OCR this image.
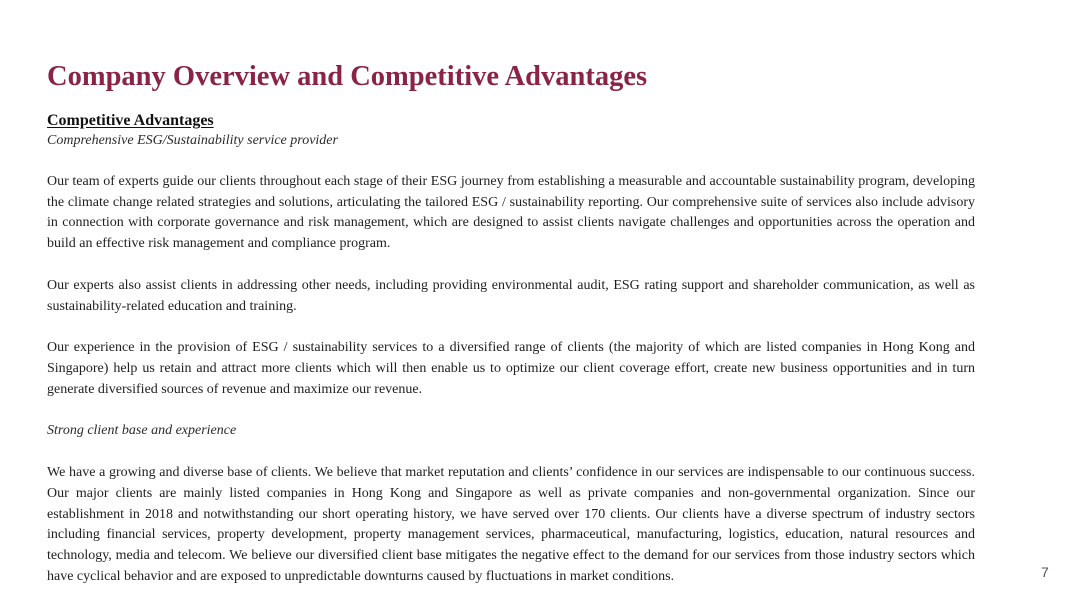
Company Overview and Competitive Advantages
Competitive Advantages

Comprehensive ESG/Sustainability service provider

Our team of experts guide our clients throughout each stage of their ESG journey from establishing a measurable and accountable sustainability program, developing the climate change related strategies and solutions, articulating the tailored ESG / sustainability reporting. Our comprehensive suite of services also include advisory in connection with corporate governance and risk management, which are designed to assist clients navigate challenges and opportunities across the operation and build an effective risk management and compliance program.

Our experts also assist clients in addressing other needs, including providing environmental audit, ESG rating support and shareholder communication, as well as sustainability-related education and training.

Our experience in the provision of ESG / sustainability services to a diversified range of clients (the majority of which are listed companies in Hong Kong and Singapore) help us retain and attract more clients which will then enable us to optimize our client coverage effort, create new business opportunities and in turn generate diversified sources of revenue and maximize our revenue.

Strong client base and experience

We have a growing and diverse base of clients. We believe that market reputation and clients’ confidence in our services are indispensable to our continuous success. Our major clients are mainly listed companies in Hong Kong and Singapore as well as private companies and non-governmental organization. Since our establishment in 2018 and notwithstanding our short operating history, we have served over 170 clients. Our clients have a diverse spectrum of industry sectors including financial services, property development, property management services, pharmaceutical, manufacturing, logistics, education, natural resources and technology, media and telecom. We believe our diversified client base mitigates the negative effect to the demand for our services from those industry sectors which have cyclical behavior and are exposed to unpredictable downturns caused by fluctuations in market conditions.	7
